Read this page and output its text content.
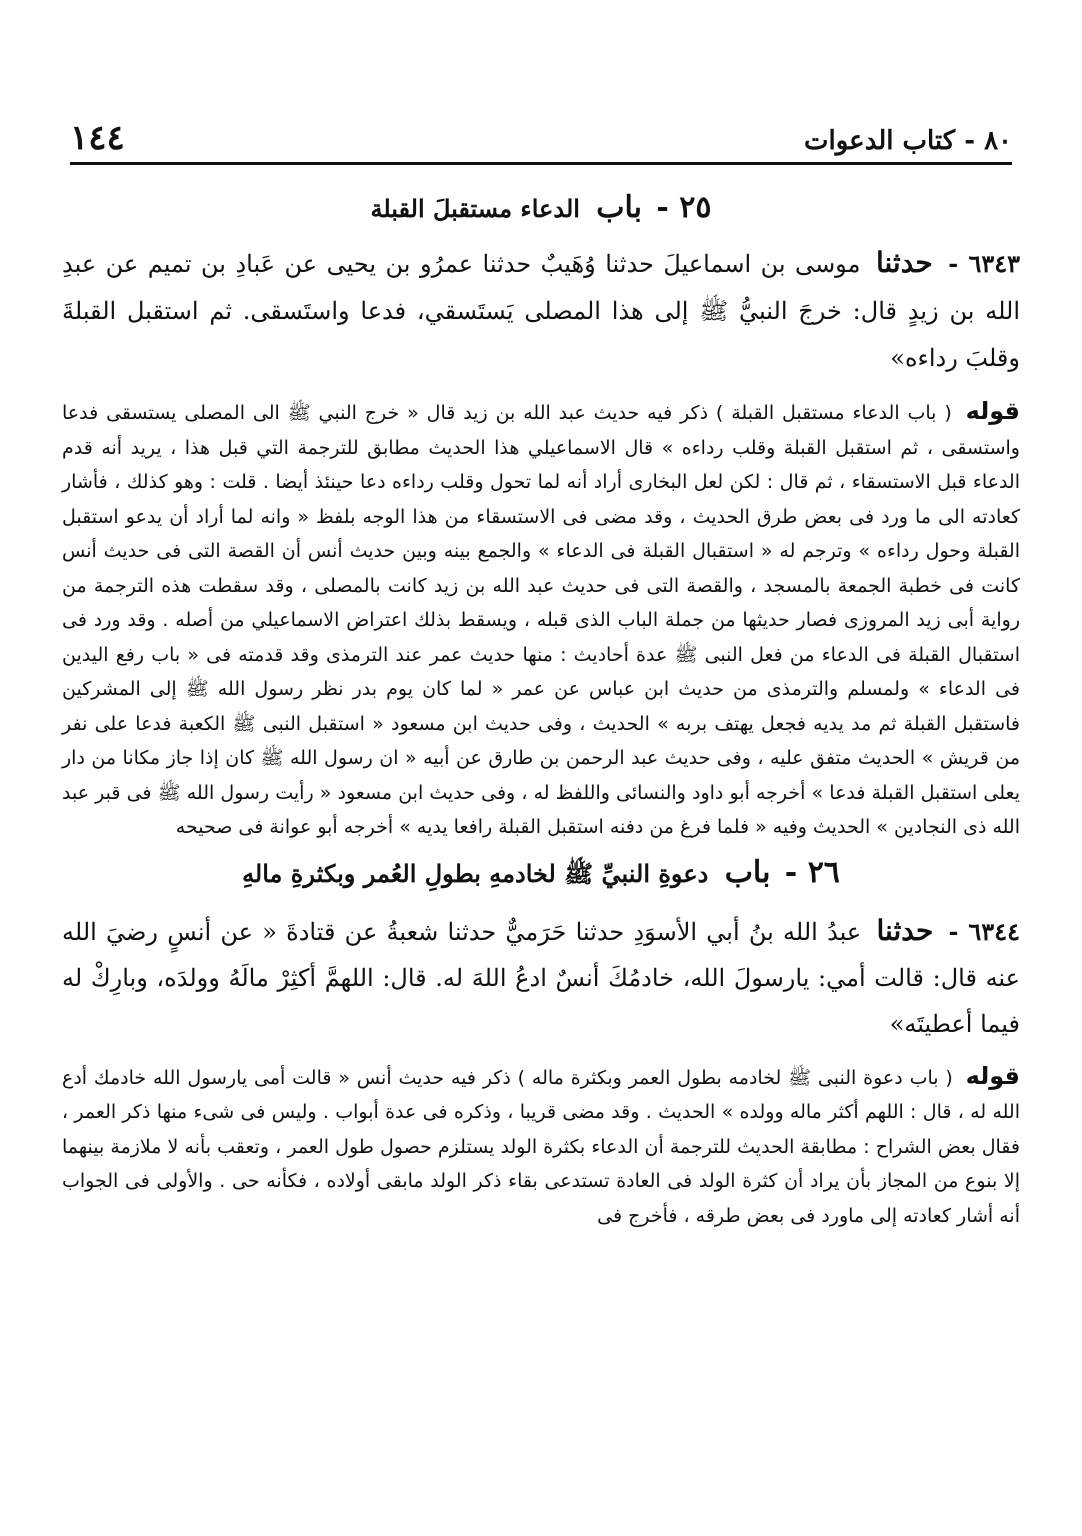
١٤٤	٨٠ - كتاب الدعوات
٢٥ - باب الدعاء مستقبلَ القبلة

٦٣٤٣ - حدثنا موسى بن اسماعيلَ حدثنا وُهَيبٌ حدثنا عمرُو بن يحيى عن عَبادِ بن تميم عن عبدِ الله بن زيدٍ قال: خرجَ النبيُّ ﷺ إلى هذا المصلى يَستَسقي، فدعا واستَسقى. ثم استقبل القبلةَ وقلبَ رداءه»

قوله ( باب الدعاء مستقبل القبلة ) ذكر فيه حديث عبد الله بن زيد قال « خرج النبي ﷺ الى المصلى يستسقى فدعا واستسقى ، ثم استقبل القبلة وقلب رداءه » قال الاسماعيلي هذا الحديث مطابق للترجمة التي قبل هذا ، يريد أنه قدم الدعاء قبل الاستسقاء ، ثم قال : لكن لعل البخارى أراد أنه لما تحول وقلب رداءه دعا حينئذ أيضا . قلت : وهو كذلك ، فأشار كعادته الى ما ورد فى بعض طرق الحديث ، وقد مضى فى الاستسقاء من هذا الوجه بلفظ « وانه لما أراد أن يدعو استقبل القبلة وحول رداءه » وترجم له « استقبال القبلة فى الدعاء » والجمع بينه وبين حديث أنس أن القصة التى فى حديث أنس كانت فى خطبة الجمعة بالمسجد ، والقصة التى فى حديث عبد الله بن زيد كانت بالمصلى ، وقد سقطت هذه الترجمة من رواية أبى زيد المروزى فصار حديثها من جملة الباب الذى قبله ، ويسقط بذلك اعتراض الاسماعيلي من أصله . وقد ورد فى استقبال القبلة فى الدعاء من فعل النبى ﷺ عدة أحاديث : منها حديث عمر عند الترمذى وقد قدمته فى « باب رفع اليدين فى الدعاء » ولمسلم والترمذى من حديث ابن عباس عن عمر « لما كان يوم بدر نظر رسول الله ﷺ إلى المشركين فاستقبل القبلة ثم مد يديه فجعل يهتف بربه » الحديث ، وفى حديث ابن مسعود « استقبل النبى ﷺ الكعبة فدعا على نفر من قريش » الحديث متفق عليه ، وفى حديث عبد الرحمن بن طارق عن أبيه « ان رسول الله ﷺ كان إذا جاز مكانا من دار يعلى استقبل القبلة فدعا » أخرجه أبو داود والنسائى واللفظ له ، وفى حديث ابن مسعود « رأيت رسول الله ﷺ فى قبر عبد الله ذى النجادين » الحديث وفيه « فلما فرغ من دفنه استقبل القبلة رافعا يديه » أخرجه أبو عوانة فى صحيحه

٢٦ - باب دعوةِ النبيِّ ﷺ لخادمهِ بطولِ العُمر وبكثرةِ مالهِ

٦٣٤٤ - حدثنا عبدُ الله بنُ أبي الأسوَدِ حدثنا حَرَميٌّ حدثنا شعبةُ عن قتادةَ « عن أنسٍ رضيَ الله عنه قال: قالت أمي: يارسولَ الله، خادمُكَ أنسٌ ادعُ اللهَ له. قال: اللهمَّ أكثِرْ مالَهُ وولدَه، وبارِكْ له فيما أعطيتَه»

قوله ( باب دعوة النبى ﷺ لخادمه بطول العمر وبكثرة ماله ) ذكر فيه حديث أنس « قالت أمى يارسول الله خادمك أدع الله له ، قال : اللهم أكثر ماله وولده » الحديث . وقد مضى قريبا ، وذكره فى عدة أبواب . وليس فى شىء منها ذكر العمر ، فقال بعض الشراح : مطابقة الحديث للترجمة أن الدعاء بكثرة الولد يستلزم حصول طول العمر ، وتعقب بأنه لا ملازمة بينهما إلا بنوع من المجاز بأن يراد أن كثرة الولد فى العادة تستدعى بقاء ذكر الولد مابقى أولاده ، فكأنه حى . والأولى فى الجواب أنه أشار كعادته إلى ماورد فى بعض طرقه ، فأخرج فى
